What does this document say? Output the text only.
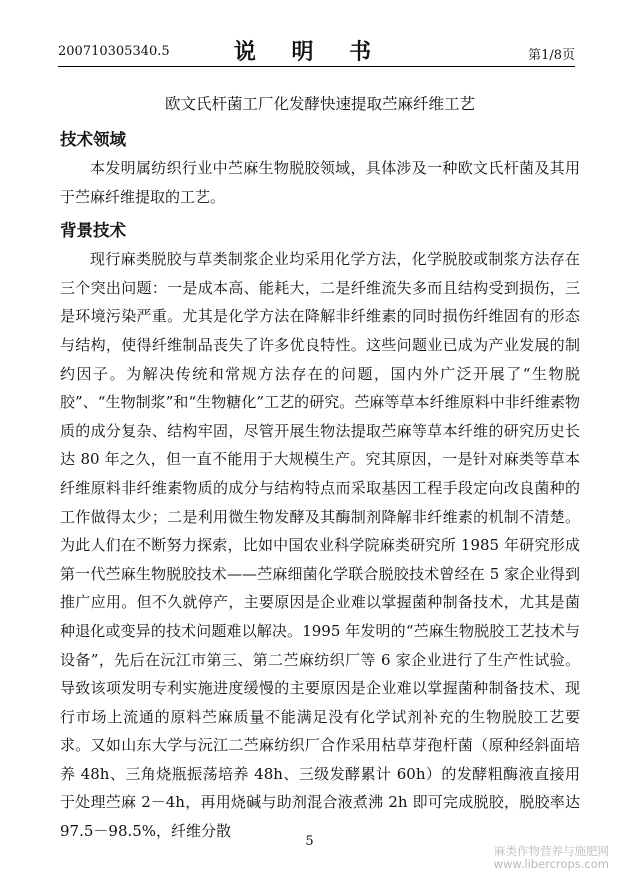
200710305340.5	说 明 书	第1/8页

欧文氏杆菌工厂化发酵快速提取苎麻纤维工艺

技术领域

本发明属纺织行业中苎麻生物脱胶领域，具体涉及一种欧文氏杆菌及其用于苎麻纤维提取的工艺。

背景技术

现行麻类脱胶与草类制浆企业均采用化学方法，化学脱胶或制浆方法存在三个突出问题：一是成本高、能耗大，二是纤维流失多而且结构受到损伤，三是环境污染严重。尤其是化学方法在降解非纤维素的同时损伤纤维固有的形态与结构，使得纤维制品丧失了许多优良特性。这些问题业已成为产业发展的制约因子。为解决传统和常规方法存在的问题，国内外广泛开展了“生物脱胶”、“生物制浆”和“生物糖化”工艺的研究。苎麻等草本纤维原料中非纤维素物质的成分复杂、结构牢固，尽管开展生物法提取苎麻等草本纤维的研究历史长达 80 年之久，但一直不能用于大规模生产。究其原因，一是针对麻类等草本纤维原料非纤维素物质的成分与结构特点而采取基因工程手段定向改良菌种的工作做得太少；二是利用微生物发酵及其酶制剂降解非纤维素的机制不清楚。为此人们在不断努力探索，比如中国农业科学院麻类研究所 1985 年研究形成第一代苎麻生物脱胶技术——苎麻细菌化学联合脱胶技术曾经在 5 家企业得到推广应用。但不久就停产，主要原因是企业难以掌握菌种制备技术，尤其是菌种退化或变异的技术问题难以解决。1995 年发明的“苎麻生物脱胶工艺技术与设备”，先后在沅江市第三、第二苎麻纺织厂等 6 家企业进行了生产性试验。导致该项发明专利实施进度缓慢的主要原因是企业难以掌握菌种制备技术、现行市场上流通的原料苎麻质量不能满足没有化学试剂补充的生物脱胶工艺要求。又如山东大学与沅江二苎麻纺织厂合作采用枯草芽孢杆菌（原种经斜面培养 48h、三角烧瓶振荡培养 48h、三级发酵累计 60h）的发酵粗酶液直接用于处理苎麻 2－4h，再用烧碱与助剂混合液煮沸 2h 即可完成脱胶，脱胶率达 97.5－98.5%，纤维分散

5
麻类作物营养与施肥网
www.libercrops.com
